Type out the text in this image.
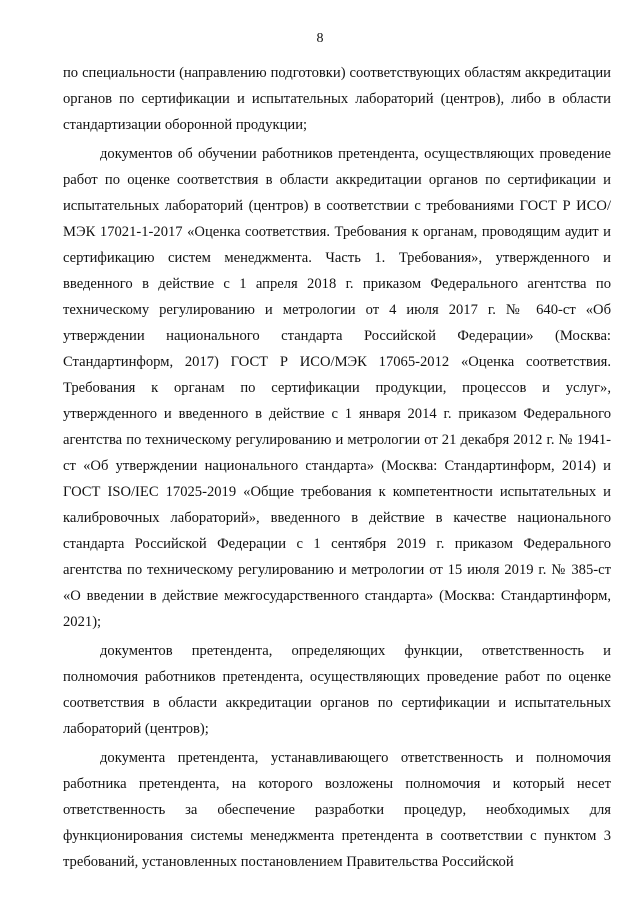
8

по специальности (направлению подготовки) соответствующих областям аккредитации органов по сертификации и испытательных лабораторий (центров), либо в области стандартизации оборонной продукции;

документов об обучении работников претендента, осуществляющих проведение работ по оценке соответствия в области аккредитации органов по сертификации и испытательных лабораторий (центров) в соответствии с требованиями ГОСТ Р ИСО/МЭК 17021-1-2017 «Оценка соответствия. Требования к органам, проводящим аудит и сертификацию систем менеджмента. Часть 1. Требования», утвержденного и введенного в действие с 1 апреля 2018 г. приказом Федерального агентства по техническому регулированию и метрологии от 4 июля 2017 г. № 640-ст «Об утверждении национального стандарта Российской Федерации» (Москва: Стандартинформ, 2017) ГОСТ Р ИСО/МЭК 17065-2012 «Оценка соответствия. Требования к органам по сертификации продукции, процессов и услуг», утвержденного и введенного в действие с 1 января 2014 г. приказом Федерального агентства по техническому регулированию и метрологии от 21 декабря 2012 г. № 1941-ст «Об утверждении национального стандарта» (Москва: Стандартинформ, 2014) и ГОСТ ISO/IEC 17025-2019 «Общие требования к компетентности испытательных и калибровочных лабораторий», введенного в действие в качестве национального стандарта Российской Федерации с 1 сентября 2019 г. приказом Федерального агентства по техническому регулированию и метрологии от 15 июля 2019 г. № 385-ст «О введении в действие межгосударственного стандарта» (Москва: Стандартинформ, 2021);

документов претендента, определяющих функции, ответственность и полномочия работников претендента, осуществляющих проведение работ по оценке соответствия в области аккредитации органов по сертификации и испытательных лабораторий (центров);

документа претендента, устанавливающего ответственность и полномочия работника претендента, на которого возложены полномочия и который несет ответственность за обеспечение разработки процедур, необходимых для функционирования системы менеджмента претендента в соответствии с пунктом 3 требований, установленных постановлением Правительства Российской
